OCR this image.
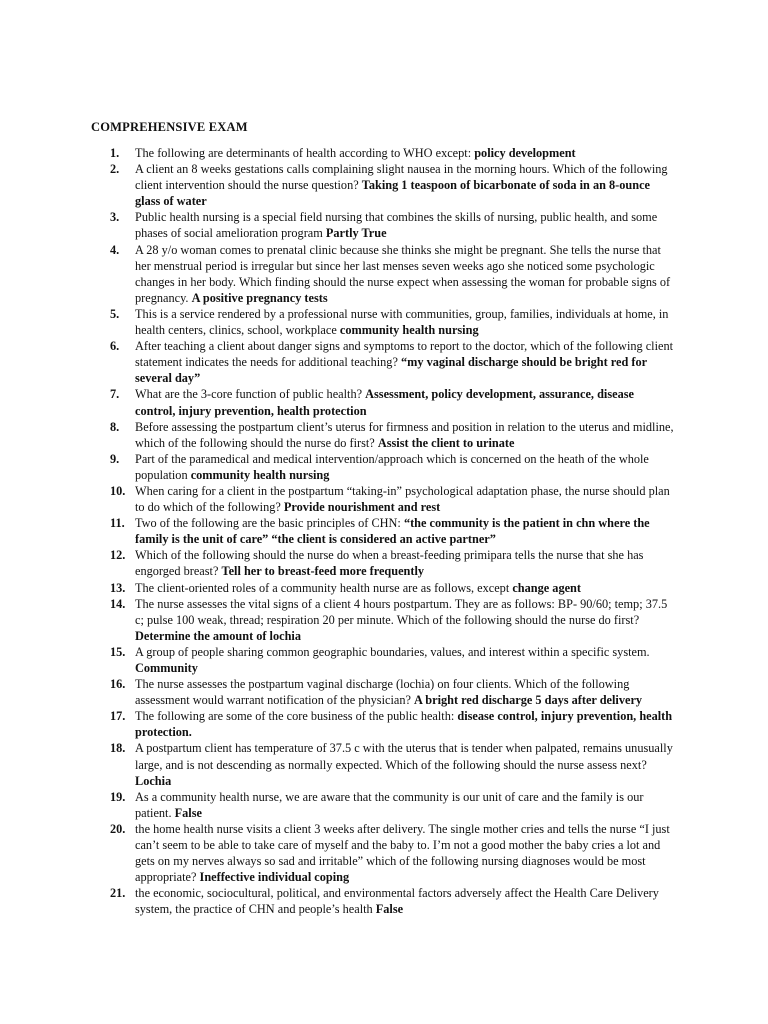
COMPREHENSIVE EXAM
1. The following are determinants of health according to WHO except: policy development
2. A client an 8 weeks gestations calls complaining slight nausea in the morning hours. Which of the following client intervention should the nurse question? Taking 1 teaspoon of bicarbonate of soda in an 8-ounce glass of water
3. Public health nursing is a special field nursing that combines the skills of nursing, public health, and some phases of social amelioration program Partly True
4. A 28 y/o woman comes to prenatal clinic because she thinks she might be pregnant. She tells the nurse that her menstrual period is irregular but since her last menses seven weeks ago she noticed some psychologic changes in her body. Which finding should the nurse expect when assessing the woman for probable signs of pregnancy. A positive pregnancy tests
5. This is a service rendered by a professional nurse with communities, group, families, individuals at home, in health centers, clinics, school, workplace community health nursing
6. After teaching a client about danger signs and symptoms to report to the doctor, which of the following client statement indicates the needs for additional teaching? “my vaginal discharge should be bright red for several day”
7. What are the 3-core function of public health? Assessment, policy development, assurance, disease control, injury prevention, health protection
8. Before assessing the postpartum client’s uterus for firmness and position in relation to the uterus and midline, which of the following should the nurse do first? Assist the client to urinate
9. Part of the paramedical and medical intervention/approach which is concerned on the heath of the whole population community health nursing
10. When caring for a client in the postpartum “taking-in” psychological adaptation phase, the nurse should plan to do which of the following? Provide nourishment and rest
11. Two of the following are the basic principles of CHN: “the community is the patient in chn where the family is the unit of care” “the client is considered an active partner”
12. Which of the following should the nurse do when a breast-feeding primipara tells the nurse that she has engorged breast? Tell her to breast-feed more frequently
13. The client-oriented roles of a community health nurse are as follows, except change agent
14. The nurse assesses the vital signs of a client 4 hours postpartum. They are as follows: BP- 90/60; temp; 37.5 c; pulse 100 weak, thread; respiration 20 per minute. Which of the following should the nurse do first? Determine the amount of lochia
15. A group of people sharing common geographic boundaries, values, and interest within a specific system. Community
16. The nurse assesses the postpartum vaginal discharge (lochia) on four clients. Which of the following assessment would warrant notification of the physician? A bright red discharge 5 days after delivery
17. The following are some of the core business of the public health: disease control, injury prevention, health protection.
18. A postpartum client has temperature of 37.5 c with the uterus that is tender when palpated, remains unusually large, and is not descending as normally expected. Which of the following should the nurse assess next? Lochia
19. As a community health nurse, we are aware that the community is our unit of care and the family is our patient. False
20. the home health nurse visits a client 3 weeks after delivery. The single mother cries and tells the nurse “I just can’t seem to be able to take care of myself and the baby to. I’m not a good mother the baby cries a lot and gets on my nerves always so sad and irritable” which of the following nursing diagnoses would be most appropriate? Ineffective individual coping
21. the economic, sociocultural, political, and environmental factors adversely affect the Health Care Delivery system, the practice of CHN and people’s health False
